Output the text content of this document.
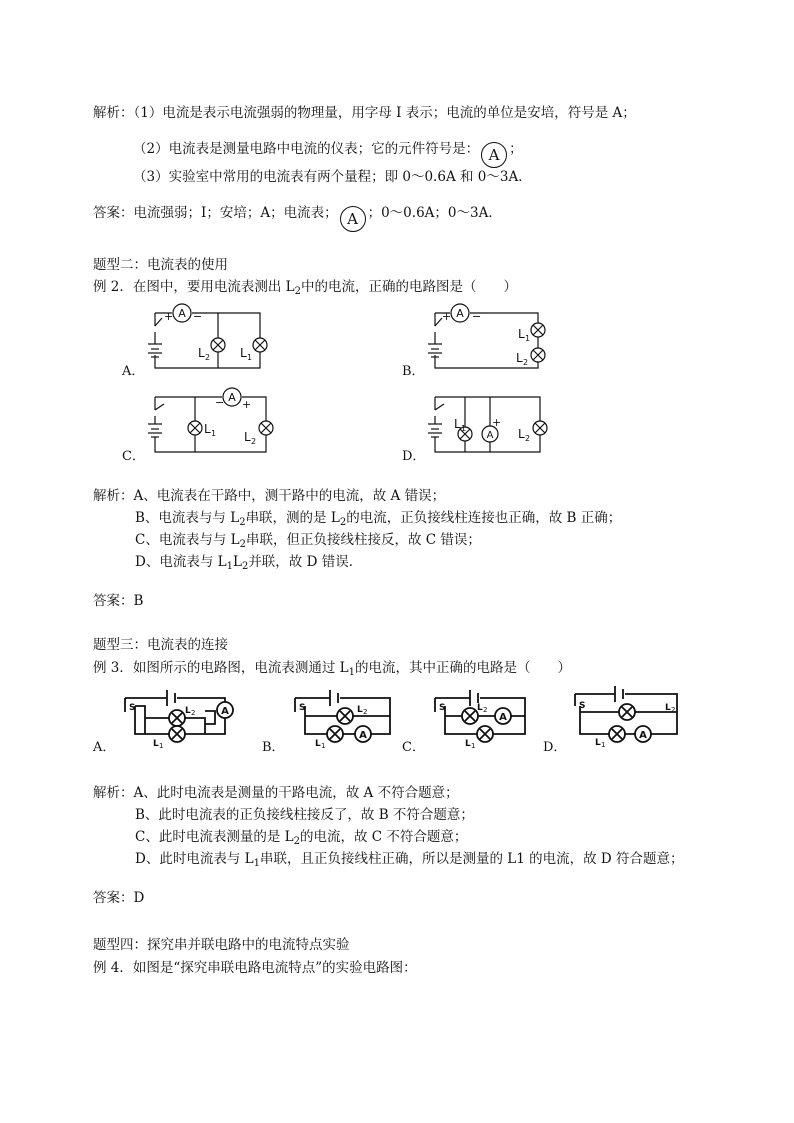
解析：（1）电流是表示电流强弱的物理量，用字母 I 表示；电流的单位是安培，符号是 A；
（2）电流表是测量电路中电流的仪表；它的元件符号是： A ；
（3）实验室中常用的电流表有两个量程；即 0～0.6A 和 0～3A．
答案：电流强弱；I；安培；A；电流表； A ；0～0.6A；0～3A．
题型二：电流表的使用
例 2．在图中，要用电流表测出 $L_2$中的电流，正确的电路图是（　　）
A．
A
+ −
L 2 L 1
B．
A
+ −
L 1
L 2
C．
A
− +
L 1 L 2
D．
A
+
L 1	L 2
解析：A、电流表在干路中，测干路中的电流，故 A 错误；
B、电流表与与 $L_2$串联，测的是 $L_2$的电流，正负接线柱连接也正确，故 B 正确；
C、电流表与与 $L_2$串联，但正负接线柱接反，故 C 错误；
D、电流表与 $L_1L_2$并联，故 D 错误．
答案：B
题型三：电流表的连接
例 3．如图所示的电路图，电流表测通过 $L_1$的电流，其中正确的电路是（　　）
A．
A
S	L 2
L 1	B．
A
S	L 2
L 1	C．
A
S	L 2
L 1	D．
A
S	L 2
L 1
解析：A、此时电流表是测量的干路电流，故 A 不符合题意；
B、此时电流表的正负接线柱接反了，故 B 不符合题意；
C、此时电流表测量的是 $L_2$的电流，故 C 不符合题意；
D、此时电流表与 $L_1$串联，且正负接线柱正确，所以是测量的 L1 的电流，故 D 符合题意；
答案：D
题型四：探究串并联电路中的电流特点实验
例 4．如图是“探究串联电路电流特点”的实验电路图：
